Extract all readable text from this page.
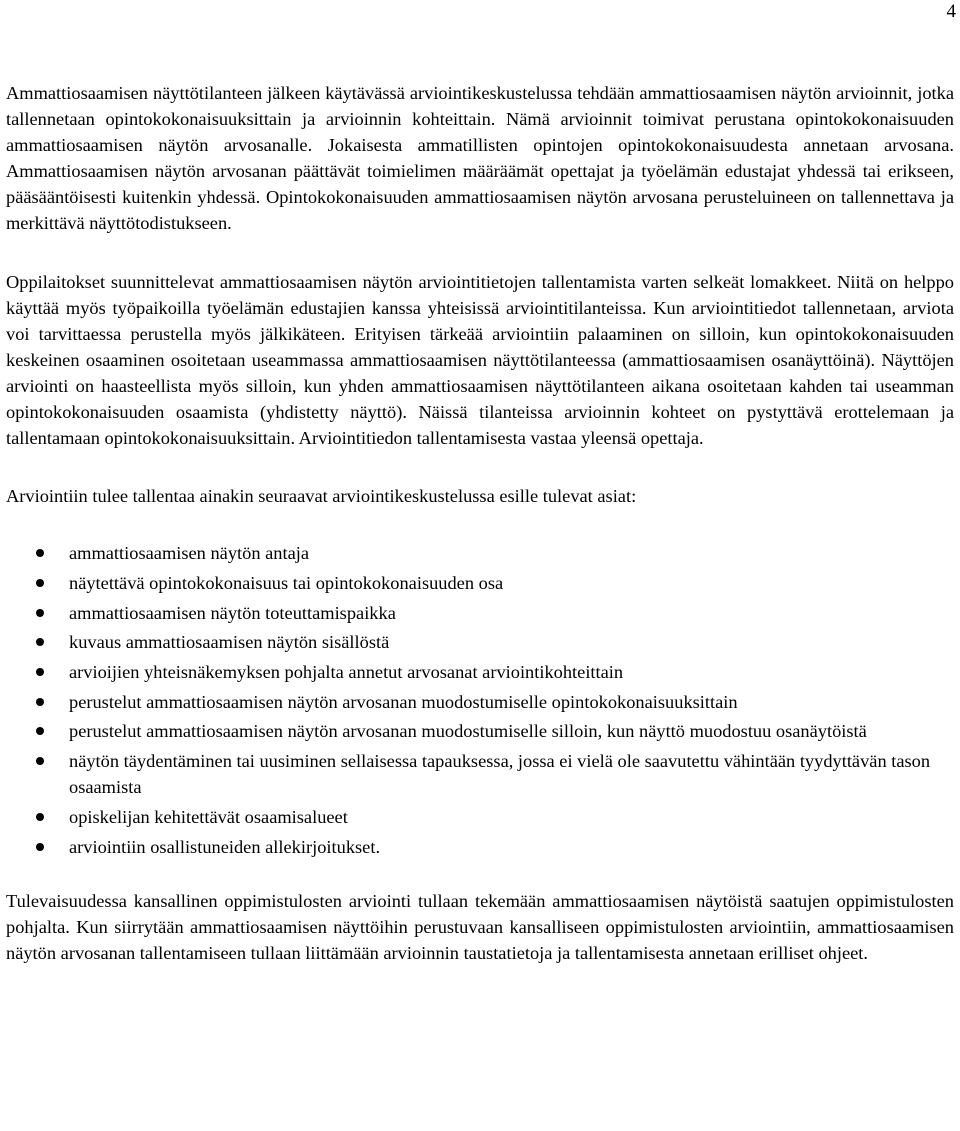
4

Ammattiosaamisen näyttötilanteen jälkeen käytävässä arviointikeskustelussa tehdään ammattiosaamisen näytön arvioinnit, jotka tallennetaan opintokokonaisuuksittain ja arvioinnin kohteittain. Nämä arvioinnit toimivat perustana opintokokonaisuuden ammattiosaamisen näytön arvosanalle. Jokaisesta ammatillisten opintojen opintokokonaisuudesta annetaan arvosana. Ammattiosaamisen näytön arvosanan päättävät toimielimen määräämät opettajat ja työelämän edustajat yhdessä tai erikseen, pääsääntöisesti kuitenkin yhdessä. Opintokokonaisuuden ammattiosaamisen näytön arvosana perusteluineen on tallennettava ja merkittävä näyttötodistukseen.

Oppilaitokset suunnittelevat ammattiosaamisen näytön arviointitietojen tallentamista varten selkeät lomakkeet. Niitä on helppo käyttää myös työpaikoilla työelämän edustajien kanssa yhteisissä arviointitilanteissa. Kun arviointitiedot tallennetaan, arviota voi tarvittaessa perustella myös jälkikäteen. Erityisen tärkeää arviointiin palaaminen on silloin, kun opintokokonaisuuden keskeinen osaaminen osoitetaan useammassa ammattiosaamisen näyttötilanteessa (ammattiosaamisen osanäyttöinä). Näyttöjen arviointi on haasteellista myös silloin, kun yhden ammattiosaamisen näyttötilanteen aikana osoitetaan kahden tai useamman opintokokonaisuuden osaamista (yhdistetty näyttö). Näissä tilanteissa arvioinnin kohteet on pystyttävä erottelemaan ja tallentamaan opintokokonaisuuksittain. Arviointitiedon tallentamisesta vastaa yleensä opettaja.

Arviointiin tulee tallentaa ainakin seuraavat arviointikeskustelussa esille tulevat asiat:

ammattiosaamisen näytön antaja
näytettävä opintokokonaisuus tai opintokokonaisuuden osa
ammattiosaamisen näytön toteuttamispaikka
kuvaus ammattiosaamisen näytön sisällöstä
arvioijien yhteisnäkemyksen pohjalta annetut arvosanat arviointikohteittain
perustelut ammattiosaamisen näytön arvosanan muodostumiselle opintokokonaisuuksittain
perustelut ammattiosaamisen näytön arvosanan muodostumiselle silloin, kun näyttö muodostuu osanäytöistä
näytön täydentäminen tai uusiminen sellaisessa tapauksessa, jossa ei vielä ole saavutettu vähintään tyydyttävän tason osaamista
opiskelijan kehitettävät osaamisalueet
arviointiin osallistuneiden allekirjoitukset.

Tulevaisuudessa kansallinen oppimistulosten arviointi tullaan tekemään ammattiosaamisen näytöistä saatujen oppimistulosten pohjalta. Kun siirrytään ammattiosaamisen näyttöihin perustuvaan kansalliseen oppimistulosten arviointiin, ammattiosaamisen näytön arvosanan tallentamiseen tullaan liittämään arvioinnin taustatietoja ja tallentamisesta annetaan erilliset ohjeet.
